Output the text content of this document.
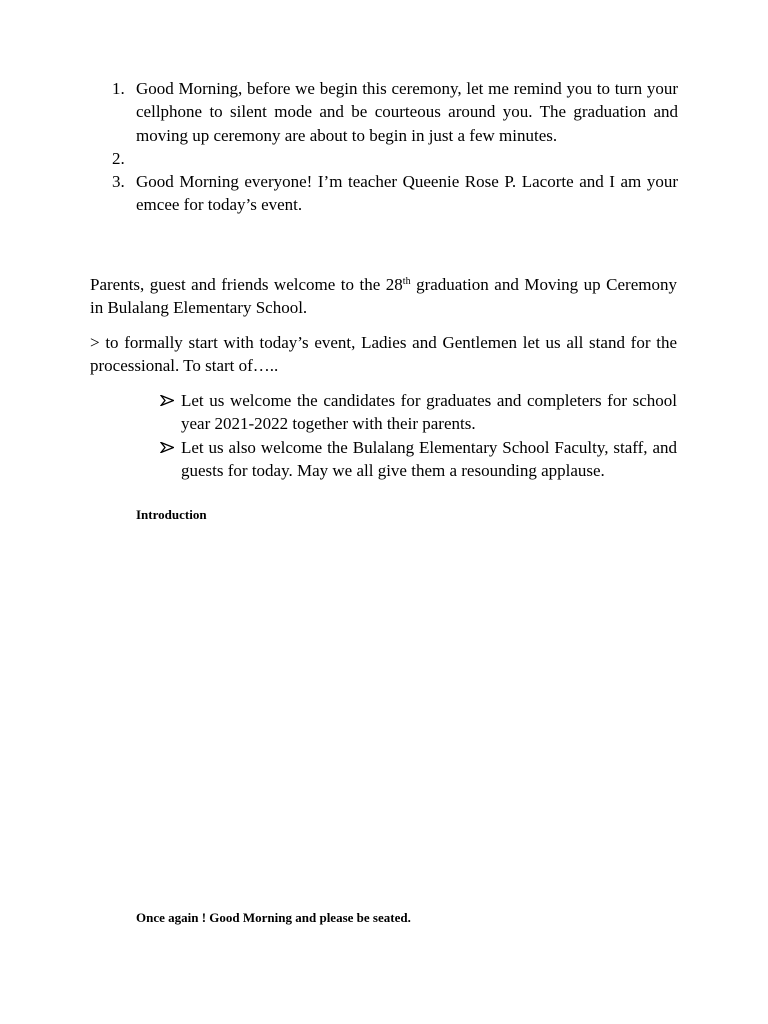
1. Good Morning, before we begin this ceremony, let me remind you to turn your cellphone to silent mode and be courteous around you. The graduation and moving up ceremony are about to begin in just a few minutes.
2.
3. Good Morning everyone! I’m teacher Queenie Rose P. Lacorte and I am your emcee for today’s event.

Parents, guest and friends welcome to the 28th graduation and Moving up Ceremony in Bulalang Elementary School.

> to formally start with today’s event, Ladies and Gentlemen let us all stand for the processional. To start of…..

Let us welcome the candidates for graduates and completers for school year 2021-2022 together with their parents.
Let us also welcome the Bulalang Elementary School Faculty, staff, and guests for today. May we all give them a resounding applause.

Introduction

Once again ! Good Morning and please be seated.
